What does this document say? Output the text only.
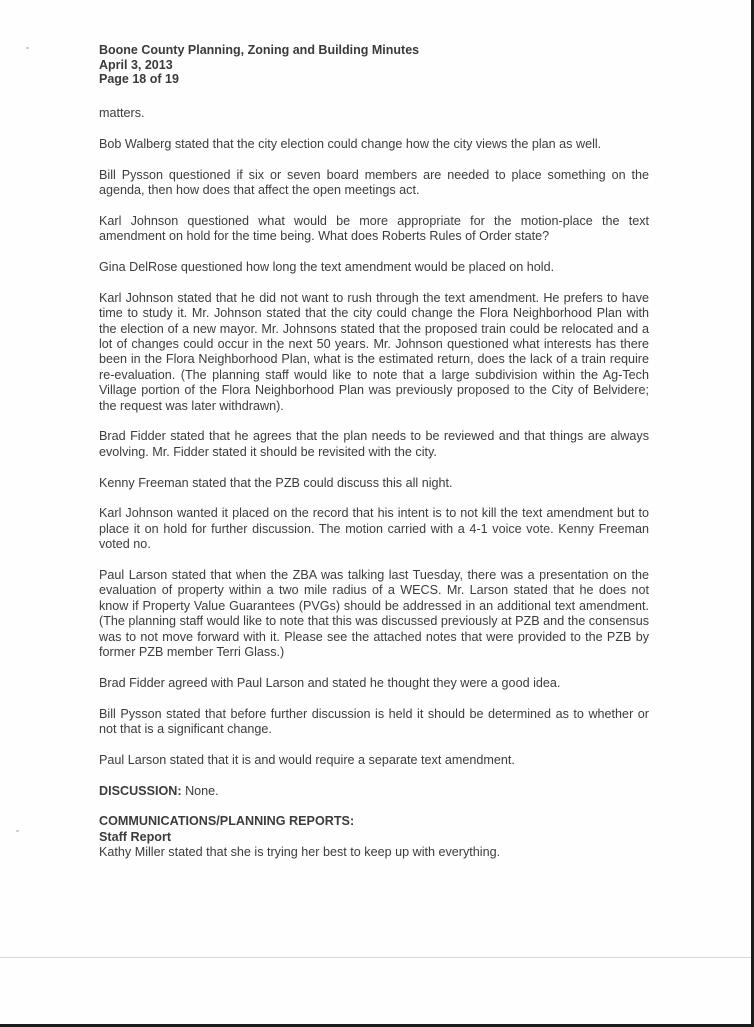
Boone County Planning, Zoning and Building Minutes
April 3, 2013
Page 18 of 19

matters.

Bob Walberg stated that the city election could change how the city views the plan as well.

Bill Pysson questioned if six or seven board members are needed to place something on the agenda, then how does that affect the open meetings act.

Karl Johnson questioned what would be more appropriate for the motion-place the text amendment on hold for the time being. What does Roberts Rules of Order state?

Gina DelRose questioned how long the text amendment would be placed on hold.

Karl Johnson stated that he did not want to rush through the text amendment. He prefers to have time to study it. Mr. Johnson stated that the city could change the Flora Neighborhood Plan with the election of a new mayor. Mr. Johnsons stated that the proposed train could be relocated and a lot of changes could occur in the next 50 years. Mr. Johnson questioned what interests has there been in the Flora Neighborhood Plan, what is the estimated return, does the lack of a train require re-evaluation. (The planning staff would like to note that a large subdivision within the Ag-Tech Village portion of the Flora Neighborhood Plan was previously proposed to the City of Belvidere; the request was later withdrawn).

Brad Fidder stated that he agrees that the plan needs to be reviewed and that things are always evolving. Mr. Fidder stated it should be revisited with the city.

Kenny Freeman stated that the PZB could discuss this all night.

Karl Johnson wanted it placed on the record that his intent is to not kill the text amendment but to place it on hold for further discussion. The motion carried with a 4-1 voice vote. Kenny Freeman voted no.

Paul Larson stated that when the ZBA was talking last Tuesday, there was a presentation on the evaluation of property within a two mile radius of a WECS. Mr. Larson stated that he does not know if Property Value Guarantees (PVGs) should be addressed in an additional text amendment. (The planning staff would like to note that this was discussed previously at PZB and the consensus was to not move forward with it. Please see the attached notes that were provided to the PZB by former PZB member Terri Glass.)

Brad Fidder agreed with Paul Larson and stated he thought they were a good idea.

Bill Pysson stated that before further discussion is held it should be determined as to whether or not that is a significant change.

Paul Larson stated that it is and would require a separate text amendment.

DISCUSSION: None.

COMMUNICATIONS/PLANNING REPORTS:
Staff Report
Kathy Miller stated that she is trying her best to keep up with everything.
